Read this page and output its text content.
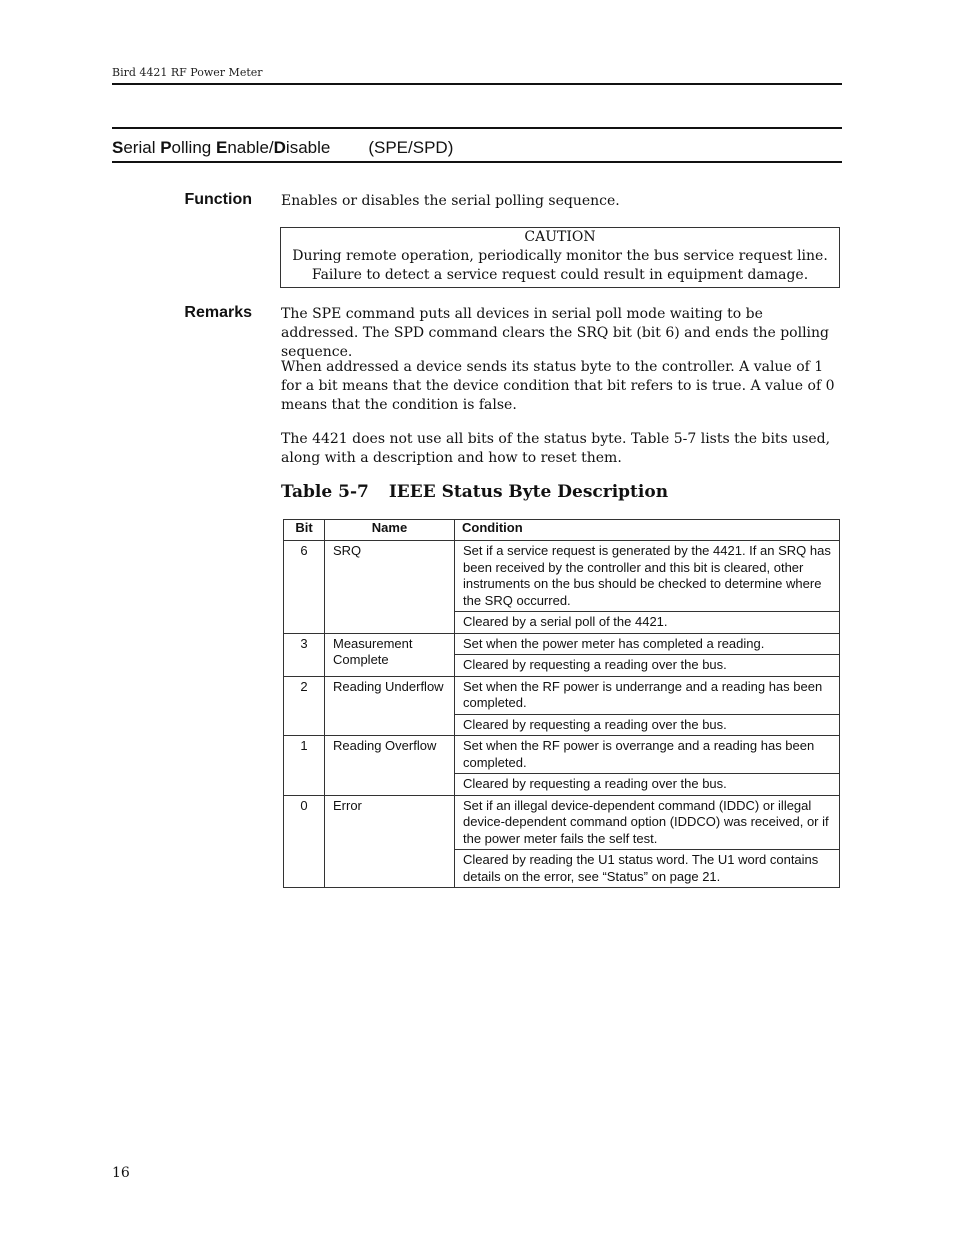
Bird 4421 RF Power Meter
Serial Polling Enable/Disable (SPE/SPD)
Function Enables or disables the serial polling sequence.
CAUTION
During remote operation, periodically monitor the bus service request line.
Failure to detect a service request could result in equipment damage.
Remarks The SPE command puts all devices in serial poll mode waiting to be addressed. The SPD command clears the SRQ bit (bit 6) and ends the polling sequence.

When addressed a device sends its status byte to the controller. A value of 1 for a bit means that the device condition that bit refers to is true. A value of 0 means that the condition is false.

The 4421 does not use all bits of the status byte. Table 5-7 lists the bits used, along with a description and how to reset them.

Table 5-7 IEEE Status Byte Description
Bit	Name	Condition
6	SRQ	Set if a service request is generated by the 4421. If an SRQ has been received by the controller and this bit is cleared, other instruments on the bus should be checked to determine where the SRQ occurred.
		Cleared by a serial poll of the 4421.
3	Measurement Complete	Set when the power meter has completed a reading.
		Cleared by requesting a reading over the bus.
2	Reading Underflow	Set when the RF power is underrange and a reading has been completed.
		Cleared by requesting a reading over the bus.
1	Reading Overflow	Set when the RF power is overrange and a reading has been completed.
		Cleared by requesting a reading over the bus.
0	Error	Set if an illegal device-dependent command (IDDC) or illegal device-dependent command option (IDDCO) was received, or if the power meter fails the self test.
		Cleared by reading the U1 status word. The U1 word contains details on the error, see “Status” on page 21.
16
